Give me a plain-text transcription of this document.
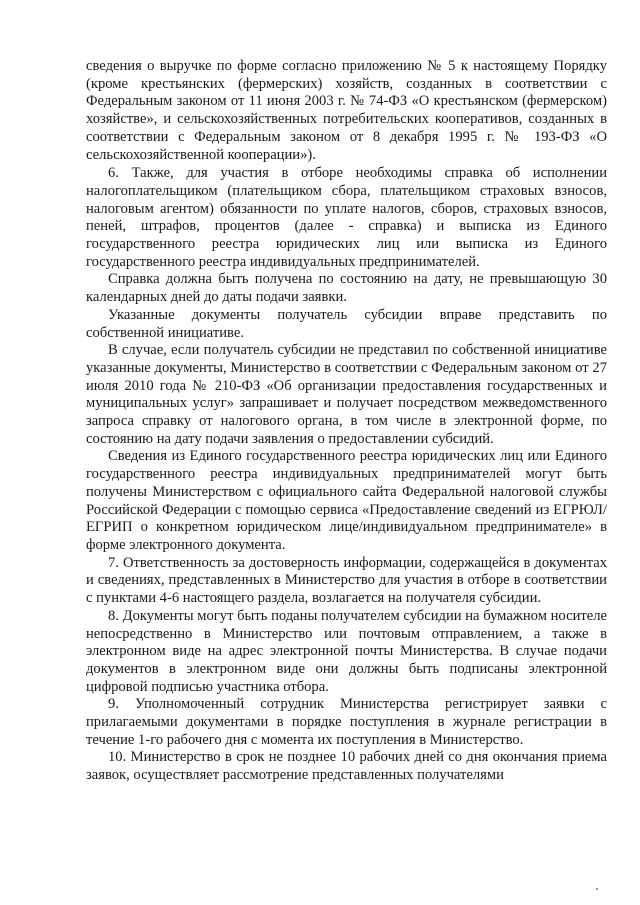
сведения о выручке по форме согласно приложению № 5 к настоящему Порядку (кроме крестьянских (фермерских) хозяйств, созданных в соответствии с Федеральным законом от 11 июня 2003 г. № 74-ФЗ «О крестьянском (фермерском) хозяйстве», и сельскохозяйственных потребительских кооперативов, созданных в соответствии с Федеральным законом от 8 декабря 1995 г. № 193-ФЗ «О сельскохозяйственной кооперации»).

6. Также, для участия в отборе необходимы справка об исполнении налогоплательщиком (плательщиком сбора, плательщиком страховых взносов, налоговым агентом) обязанности по уплате налогов, сборов, страховых взносов, пеней, штрафов, процентов (далее - справка) и выписка из Единого государственного реестра юридических лиц или выписка из Единого государственного реестра индивидуальных предпринимателей.

Справка должна быть получена по состоянию на дату, не превышающую 30 календарных дней до даты подачи заявки.

Указанные документы получатель субсидии вправе представить по собственной инициативе.

В случае, если получатель субсидии не представил по собственной инициативе указанные документы, Министерство в соответствии с Федеральным законом от 27 июля 2010 года № 210-ФЗ «Об организации предоставления государственных и муниципальных услуг» запрашивает и получает посредством межведомственного запроса справку от налогового органа, в том числе в электронной форме, по состоянию на дату подачи заявления о предоставлении субсидий.

Сведения из Единого государственного реестра юридических лиц или Единого государственного реестра индивидуальных предпринимателей могут быть получены Министерством с официального сайта Федеральной налоговой службы Российской Федерации с помощью сервиса «Предоставление сведений из ЕГРЮЛ/ЕГРИП о конкретном юридическом лице/индивидуальном предпринимателе» в форме электронного документа.

7. Ответственность за достоверность информации, содержащейся в документах и сведениях, представленных в Министерство для участия в отборе в соответствии с пунктами 4-6 настоящего раздела, возлагается на получателя субсидии.

8. Документы могут быть поданы получателем субсидии на бумажном носителе непосредственно в Министерство или почтовым отправлением, а также в электронном виде на адрес электронной почты Министерства. В случае подачи документов в электронном виде они должны быть подписаны электронной цифровой подписью участника отбора.

9. Уполномоченный сотрудник Министерства регистрирует заявки с прилагаемыми документами в порядке поступления в журнале регистрации в течение 1-го рабочего дня с момента их поступления в Министерство.

10. Министерство в срок не позднее 10 рабочих дней со дня окончания приема заявок, осуществляет рассмотрение представленных получателями
